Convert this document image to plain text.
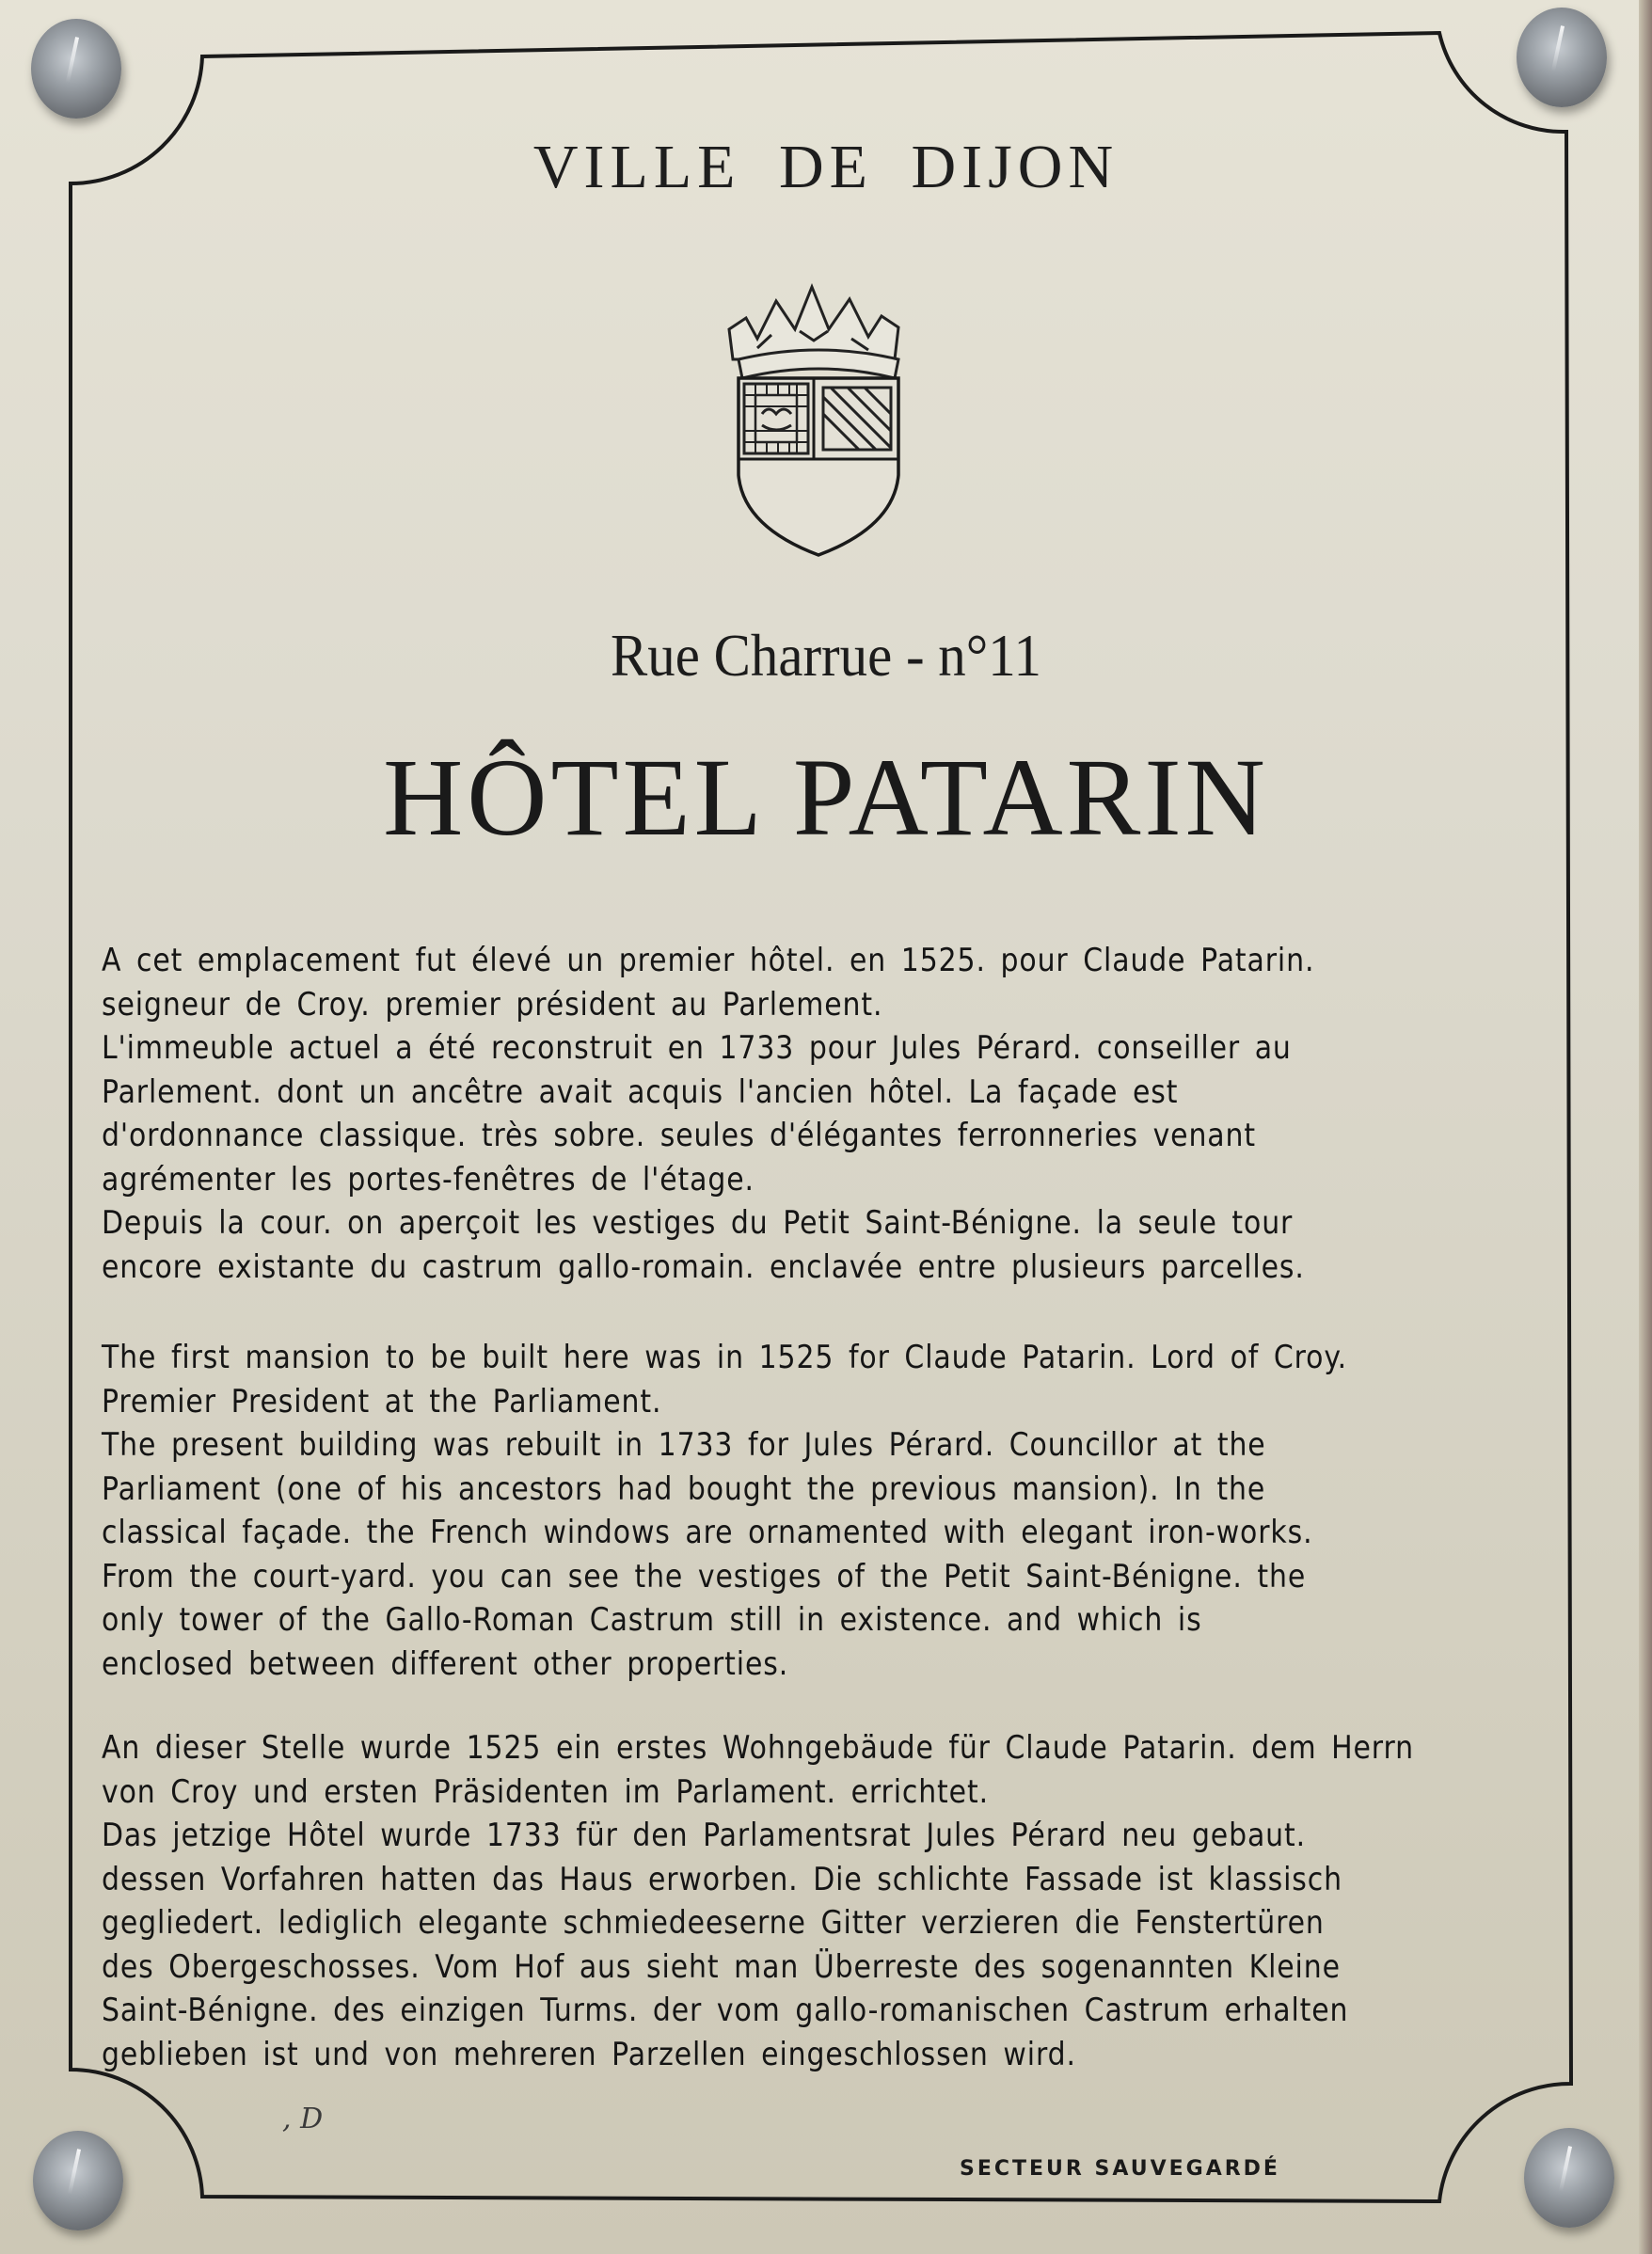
VILLE DE DIJON
Rue Charrue - n°11
HÔTEL PATARIN
A cet emplacement fut élevé un premier hôtel. en 1525. pour Claude Patarin.
seigneur de Croy. premier président au Parlement.
L'immeuble actuel a été reconstruit en 1733 pour Jules Pérard. conseiller au
Parlement. dont un ancêtre avait acquis l'ancien hôtel. La façade est
d'ordonnance classique. très sobre. seules d'élégantes ferronneries venant
agrémenter les portes-fenêtres de l'étage.
Depuis la cour. on aperçoit les vestiges du Petit Saint-Bénigne. la seule tour
encore existante du castrum gallo-romain. enclavée entre plusieurs parcelles.
The first mansion to be built here was in 1525 for Claude Patarin. Lord of Croy.
Premier President at the Parliament.
The present building was rebuilt in 1733 for Jules Pérard. Councillor at the
Parliament (one of his ancestors had bought the previous mansion). In the
classical façade. the French windows are ornamented with elegant iron-works.
From the court-yard. you can see the vestiges of the Petit Saint-Bénigne. the
only tower of the Gallo-Roman Castrum still in existence. and which is
enclosed between different other properties.
An dieser Stelle wurde 1525 ein erstes Wohngebäude für Claude Patarin. dem Herrn
von Croy und ersten Präsidenten im Parlament. errichtet.
Das jetzige Hôtel wurde 1733 für den Parlamentsrat Jules Pérard neu gebaut.
dessen Vorfahren hatten das Haus erworben. Die schlichte Fassade ist klassisch
gegliedert. lediglich elegante schmiedeeserne Gitter verzieren die Fenstertüren
des Obergeschosses. Vom Hof aus sieht man Überreste des sogenannten Kleine
Saint-Bénigne. des einzigen Turms. der vom gallo-romanischen Castrum erhalten
geblieben ist und von mehreren Parzellen eingeschlossen wird.
, D
SECTEUR SAUVEGARDÉ
